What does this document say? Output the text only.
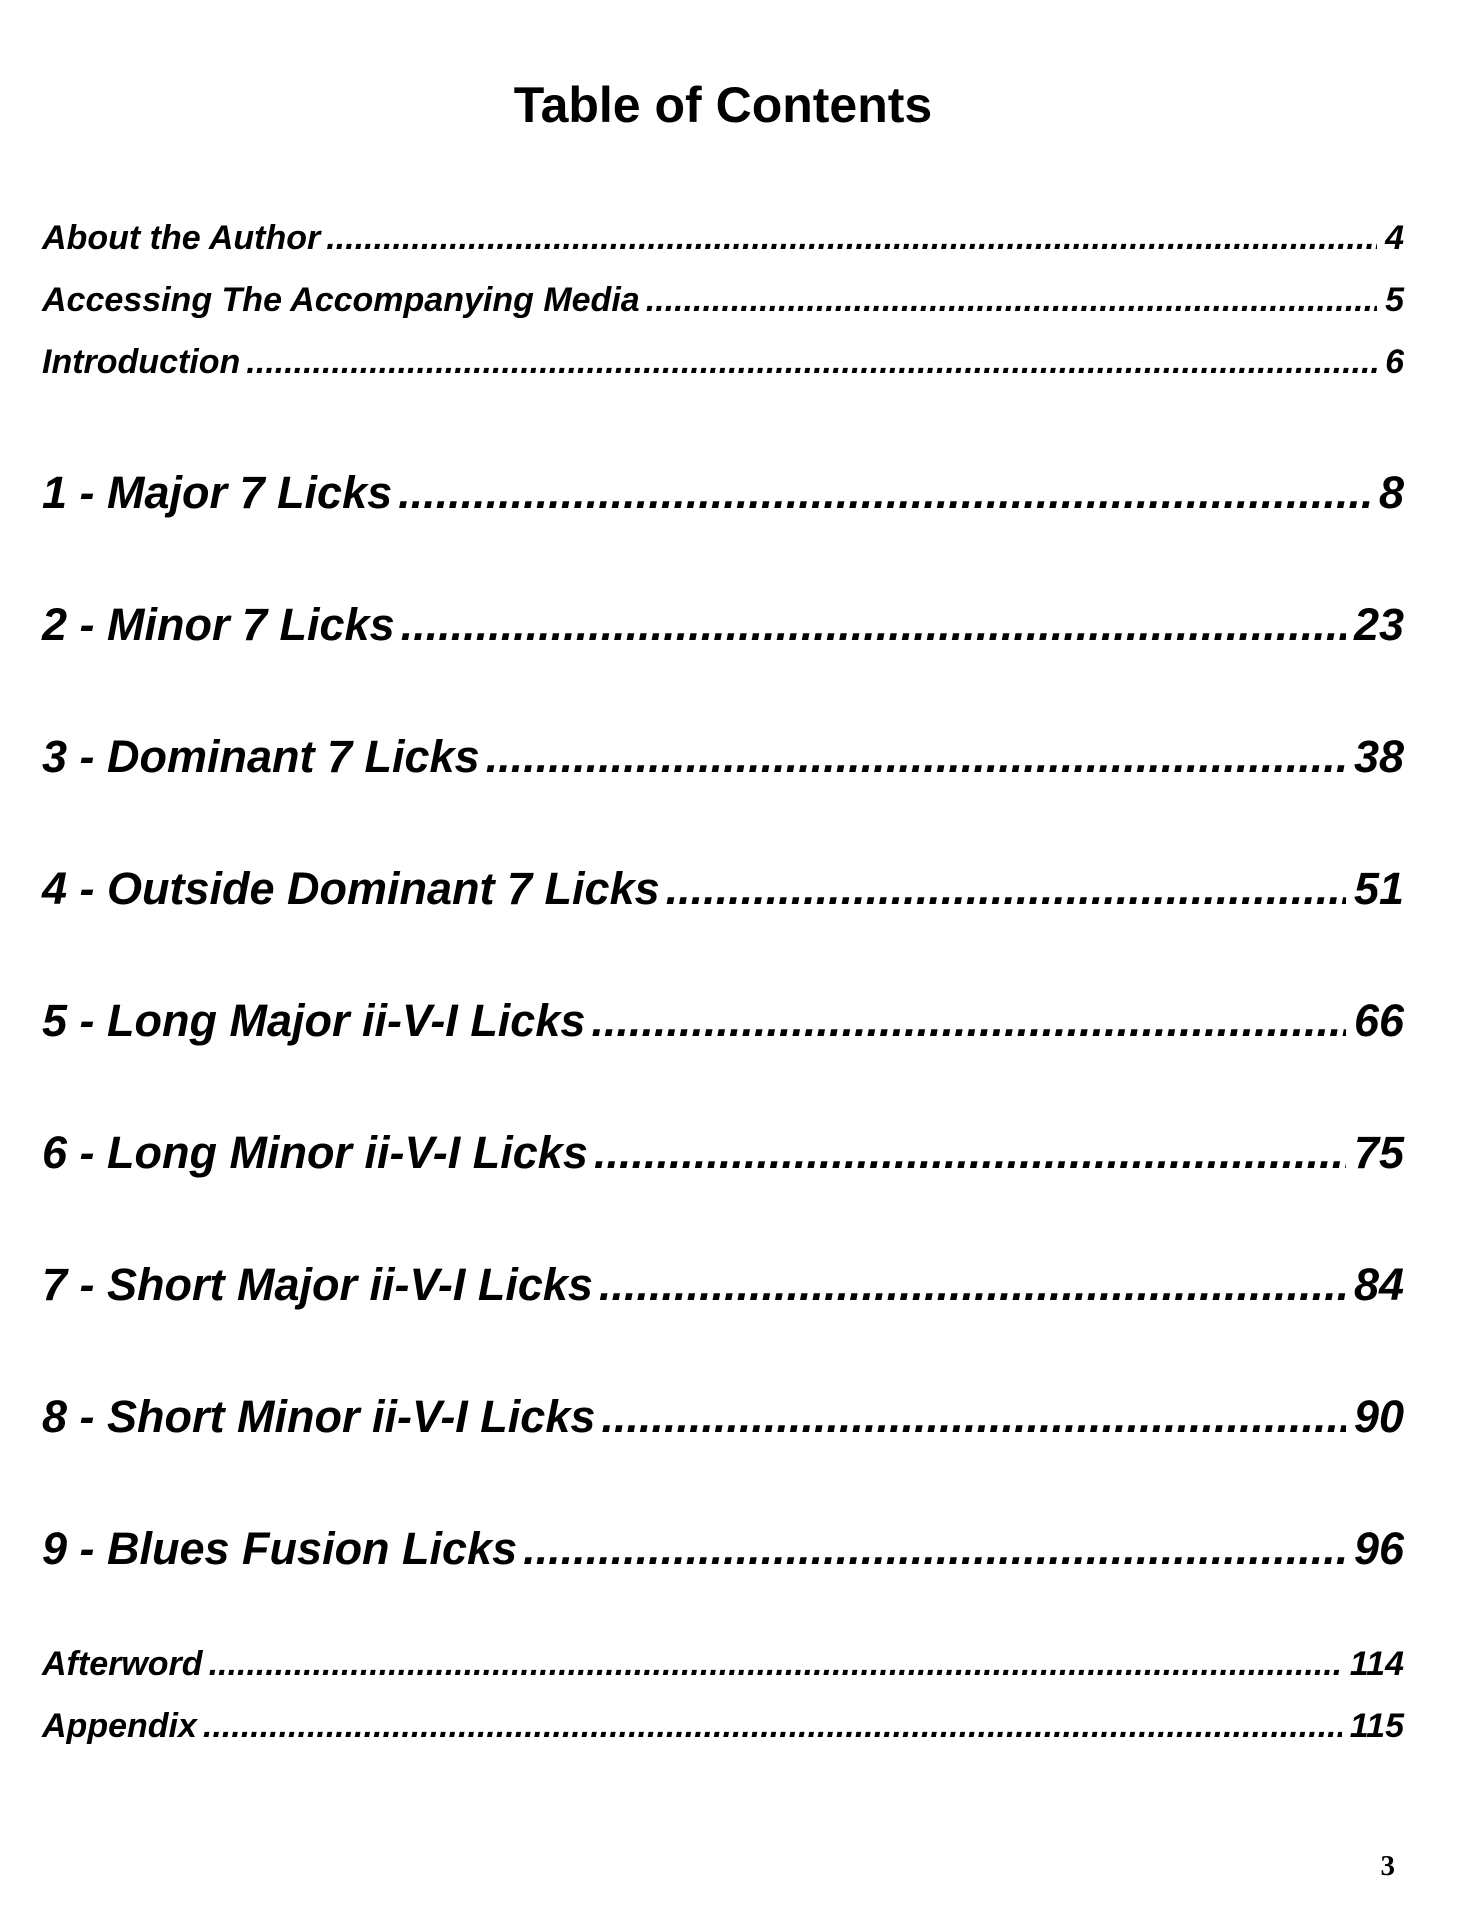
Table of Contents
About the Author .....	4
Accessing The Accompanying Media .....	5
Introduction .....	6
1 - Major 7 Licks .....	8
2 - Minor 7 Licks .....	23
3 - Dominant 7 Licks .....	38
4 - Outside Dominant 7 Licks .....	51
5 - Long Major ii-V-I Licks .....	66
6 - Long Minor ii-V-I Licks .....	75
7 - Short Major ii-V-I Licks .....	84
8 - Short Minor ii-V-I Licks .....	90
9 - Blues Fusion Licks .....	96
Afterword .....	114
Appendix .....	115
3
